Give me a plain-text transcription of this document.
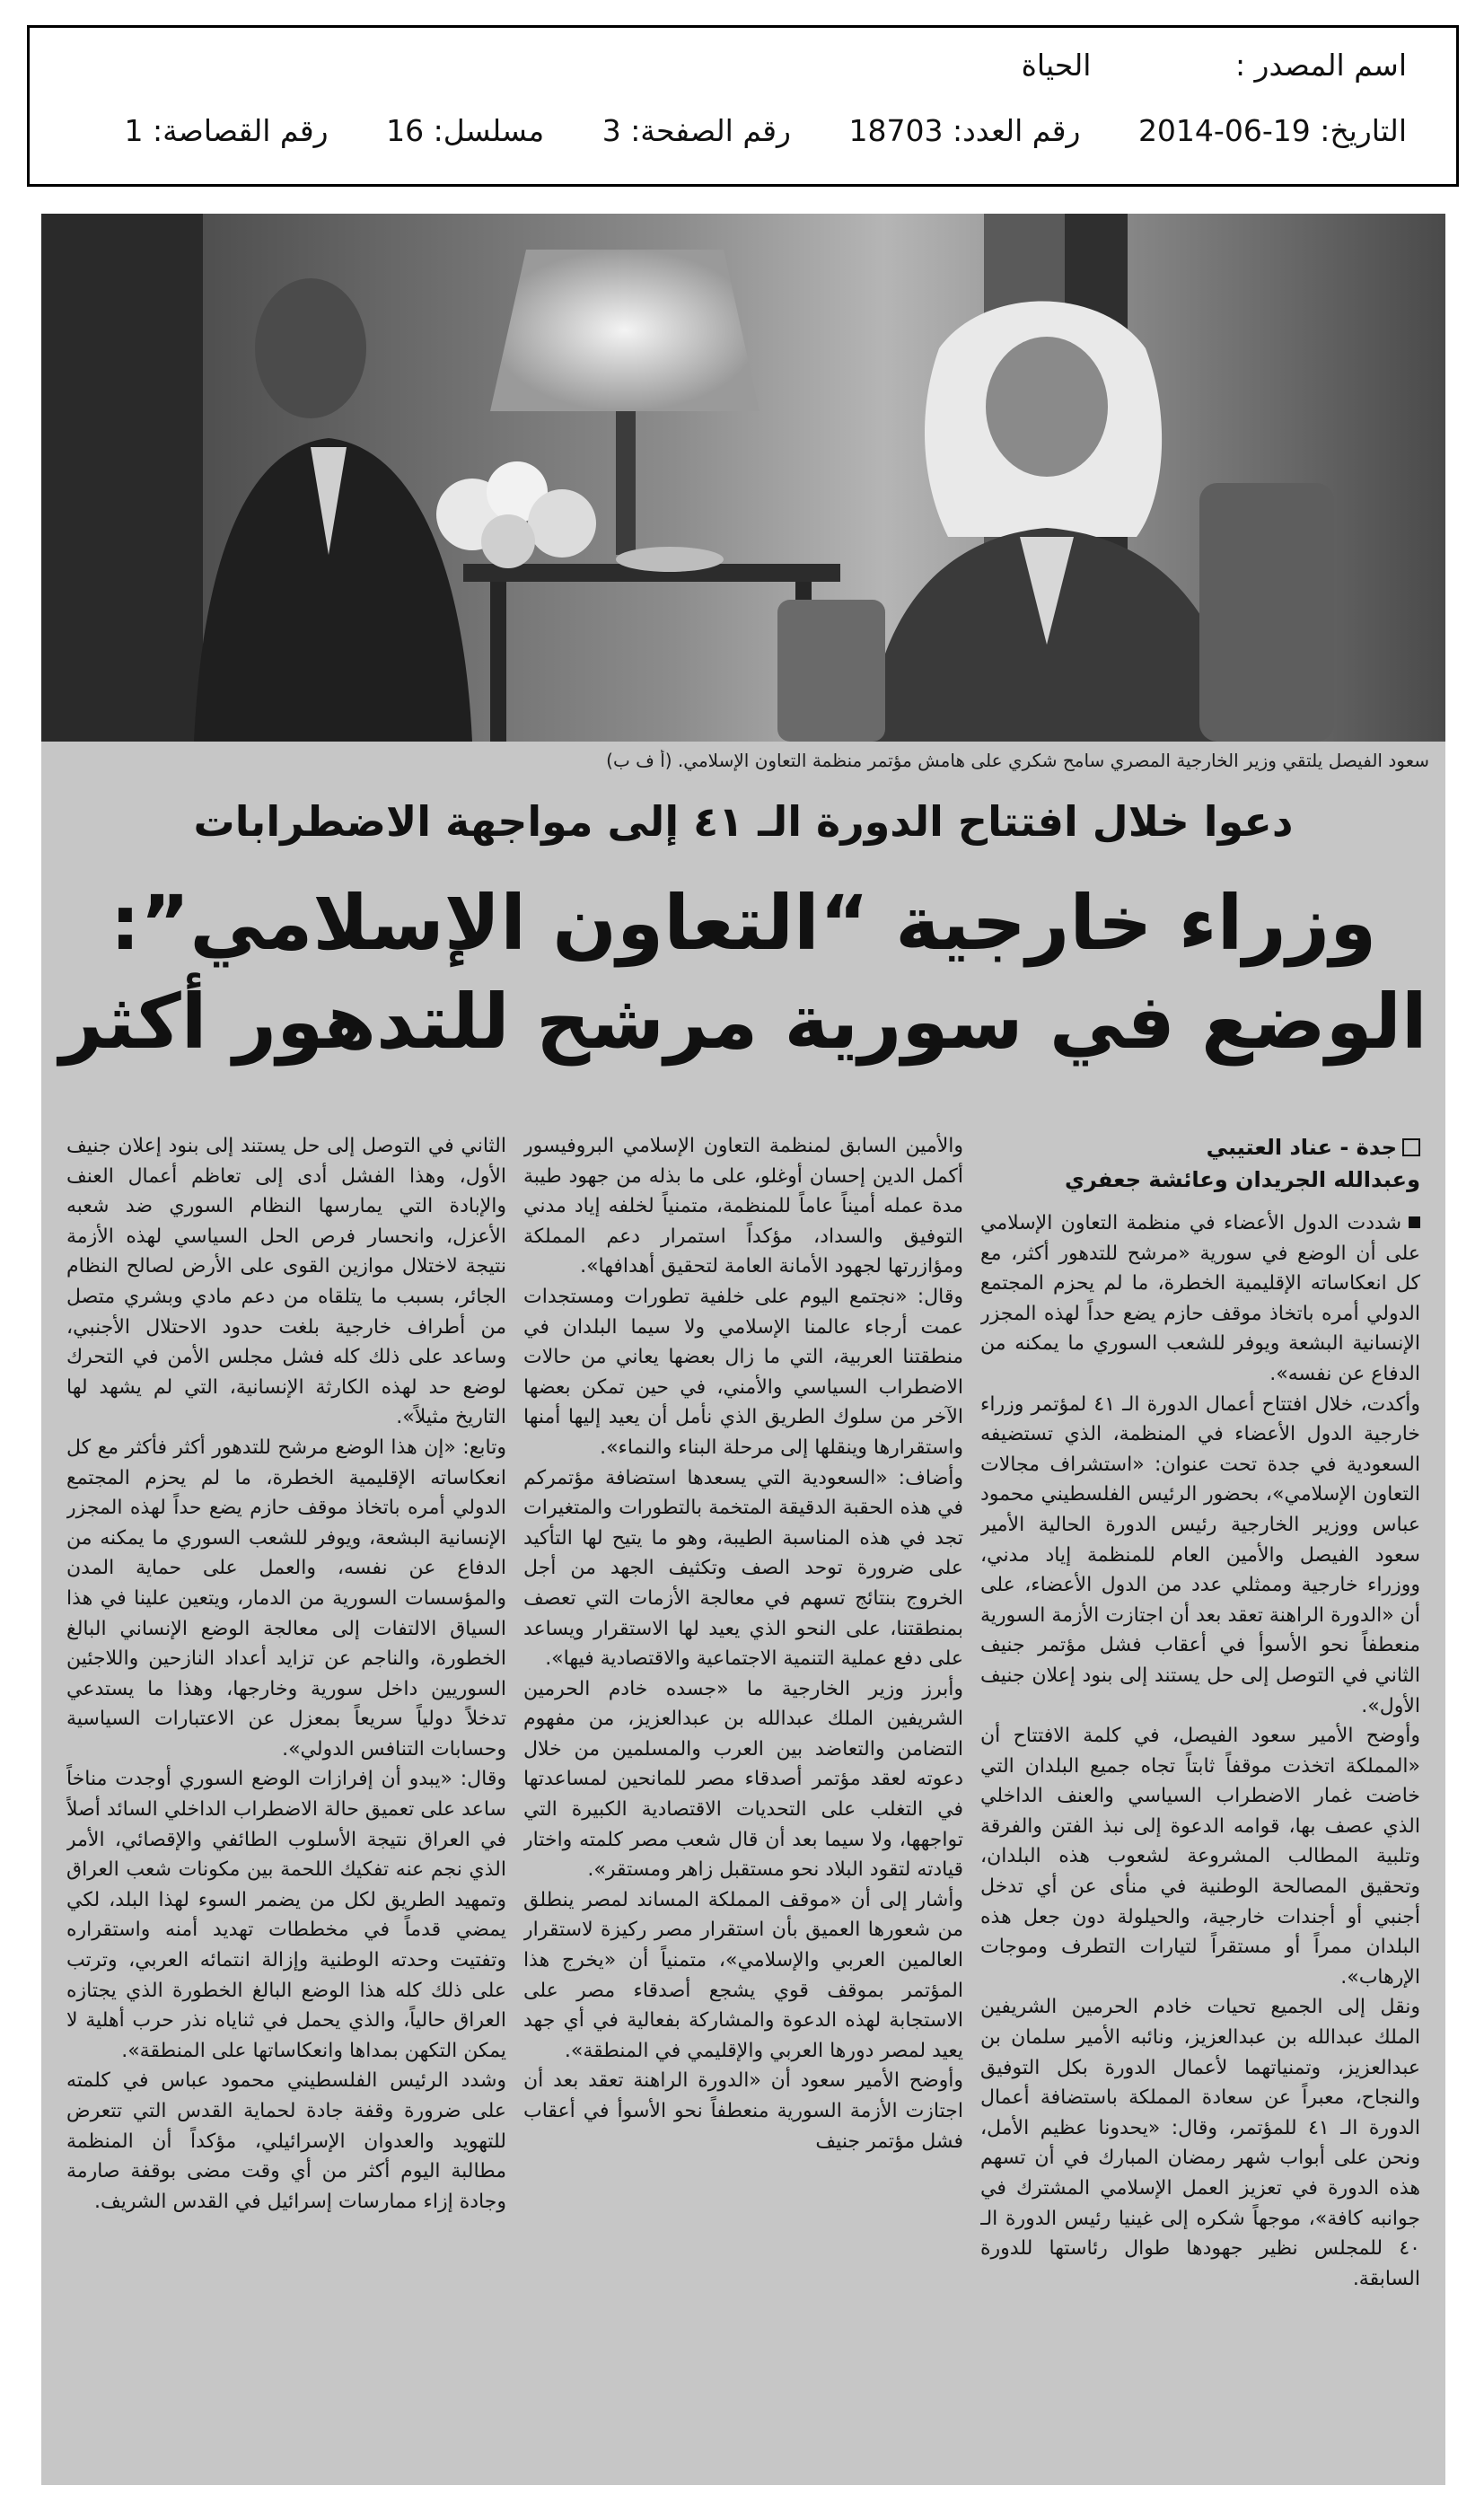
اسم المصدر : الحياة
التاريخ: 2014-06-19 رقم العدد: 18703 رقم الصفحة: 3 مسلسل: 16 رقم القصاصة: 1
سعود الفيصل يلتقي وزير الخارجية المصري سامح شكري على هامش مؤتمر منظمة التعاون الإسلامي. (أ ف ب)
دعوا خلال افتتاح الدورة الـ ٤١ إلى مواجهة الاضطرابات
وزراء خارجية “التعاون الإسلامي”:
الوضع في سورية مرشح للتدهور أكثر
جدة - عناد العتيبي
وعبدالله الجريدان وعائشة جعفري

شددت الدول الأعضاء في منظمة التعاون الإسلامي على أن الوضع في سورية «مرشح للتدهور أكثر، مع كل انعكاساته الإقليمية الخطرة، ما لم يحزم المجتمع الدولي أمره باتخاذ موقف حازم يضع حداً لهذه المجزر الإنسانية البشعة ويوفر للشعب السوري ما يمكنه من الدفاع عن نفسه».

وأكدت، خلال افتتاح أعمال الدورة الـ ٤١ لمؤتمر وزراء خارجية الدول الأعضاء في المنظمة، الذي تستضيفه السعودية في جدة تحت عنوان: «استشراف مجالات التعاون الإسلامي»، بحضور الرئيس الفلسطيني محمود عباس ووزير الخارجية رئيس الدورة الحالية الأمير سعود الفيصل والأمين العام للمنظمة إياد مدني، ووزراء خارجية وممثلي عدد من الدول الأعضاء، على أن «الدورة الراهنة تعقد بعد أن اجتازت الأزمة السورية منعطفاً نحو الأسوأ في أعقاب فشل مؤتمر جنيف الثاني في التوصل إلى حل يستند إلى بنود إعلان جنيف الأول».

وأوضح الأمير سعود الفيصل، في كلمة الافتتاح أن «المملكة اتخذت موقفاً ثابتاً تجاه جميع البلدان التي خاضت غمار الاضطراب السياسي والعنف الداخلي الذي عصف بها، قوامه الدعوة إلى نبذ الفتن والفرقة وتلبية المطالب المشروعة لشعوب هذه البلدان، وتحقيق المصالحة الوطنية في منأى عن أي تدخل أجنبي أو أجندات خارجية، والحيلولة دون جعل هذه البلدان ممراً أو مستقراً لتيارات التطرف وموجات الإرهاب».

ونقل إلى الجميع تحيات خادم الحرمين الشريفين الملك عبدالله بن عبدالعزيز، ونائبه الأمير سلمان بن عبدالعزيز، وتمنياتهما لأعمال الدورة بكل التوفيق والنجاح، معبراً عن سعادة المملكة باستضافة أعمال الدورة الـ ٤١ للمؤتمر، وقال: «يحدونا عظيم الأمل، ونحن على أبواب شهر رمضان المبارك في أن تسهم هذه الدورة في تعزيز العمل الإسلامي المشترك في جوانبه كافة»، موجهاً شكره إلى غينيا رئيس الدورة الـ ٤٠ للمجلس نظير جهودها طوال رئاستها للدورة السابقة.

والأمين السابق لمنظمة التعاون الإسلامي البروفيسور أكمل الدين إحسان أوغلو، على ما بذله من جهود طيبة مدة عمله أميناً عاماً للمنظمة، متمنياً لخلفه إياد مدني التوفيق والسداد، مؤكداً استمرار دعم المملكة ومؤازرتها لجهود الأمانة العامة لتحقيق أهدافها».

وقال: «نجتمع اليوم على خلفية تطورات ومستجدات عمت أرجاء عالمنا الإسلامي ولا سيما البلدان في منطقتنا العربية، التي ما زال بعضها يعاني من حالات الاضطراب السياسي والأمني، في حين تمكن بعضها الآخر من سلوك الطريق الذي نأمل أن يعيد إليها أمنها واستقرارها وينقلها إلى مرحلة البناء والنماء».

وأضاف: «السعودية التي يسعدها استضافة مؤتمركم في هذه الحقبة الدقيقة المتخمة بالتطورات والمتغيرات تجد في هذه المناسبة الطيبة، وهو ما يتيح لها التأكيد على ضرورة توحد الصف وتكثيف الجهد من أجل الخروج بنتائج تسهم في معالجة الأزمات التي تعصف بمنطقتنا، على النحو الذي يعيد لها الاستقرار ويساعد على دفع عملية التنمية الاجتماعية والاقتصادية فيها».

وأبرز وزير الخارجية ما «جسده خادم الحرمين الشريفين الملك عبدالله بن عبدالعزيز، من مفهوم التضامن والتعاضد بين العرب والمسلمين من خلال دعوته لعقد مؤتمر أصدقاء مصر للمانحين لمساعدتها في التغلب على التحديات الاقتصادية الكبيرة التي تواجهها، ولا سيما بعد أن قال شعب مصر كلمته واختار قيادته لتقود البلاد نحو مستقبل زاهر ومستقر».

وأشار إلى أن «موقف المملكة المساند لمصر ينطلق من شعورها العميق بأن استقرار مصر ركيزة لاستقرار العالمين العربي والإسلامي»، متمنياً أن «يخرج هذا المؤتمر بموقف قوي يشجع أصدقاء مصر على الاستجابة لهذه الدعوة والمشاركة بفعالية في أي جهد يعيد لمصر دورها العربي والإقليمي في المنطقة».

وأوضح الأمير سعود أن «الدورة الراهنة تعقد بعد أن اجتازت الأزمة السورية منعطفاً نحو الأسوأ في أعقاب فشل مؤتمر جنيف

الثاني في التوصل إلى حل يستند إلى بنود إعلان جنيف الأول، وهذا الفشل أدى إلى تعاظم أعمال العنف والإبادة التي يمارسها النظام السوري ضد شعبه الأعزل، وانحسار فرص الحل السياسي لهذه الأزمة نتيجة لاختلال موازين القوى على الأرض لصالح النظام الجائر، بسبب ما يتلقاه من دعم مادي وبشري متصل من أطراف خارجية بلغت حدود الاحتلال الأجنبي، وساعد على ذلك كله فشل مجلس الأمن في التحرك لوضع حد لهذه الكارثة الإنسانية، التي لم يشهد لها التاريخ مثيلاً».

وتابع: «إن هذا الوضع مرشح للتدهور أكثر فأكثر مع كل انعكاساته الإقليمية الخطرة، ما لم يحزم المجتمع الدولي أمره باتخاذ موقف حازم يضع حداً لهذه المجزر الإنسانية البشعة، ويوفر للشعب السوري ما يمكنه من الدفاع عن نفسه، والعمل على حماية المدن والمؤسسات السورية من الدمار، ويتعين علينا في هذا السياق الالتفات إلى معالجة الوضع الإنساني البالغ الخطورة، والناجم عن تزايد أعداد النازحين واللاجئين السوريين داخل سورية وخارجها، وهذا ما يستدعي تدخلاً دولياً سريعاً بمعزل عن الاعتبارات السياسية وحسابات التنافس الدولي».

وقال: «يبدو أن إفرازات الوضع السوري أوجدت مناخاً ساعد على تعميق حالة الاضطراب الداخلي السائد أصلاً في العراق نتيجة الأسلوب الطائفي والإقصائي، الأمر الذي نجم عنه تفكيك اللحمة بين مكونات شعب العراق وتمهيد الطريق لكل من يضمر السوء لهذا البلد، لكي يمضي قدماً في مخططات تهديد أمنه واستقراره وتفتيت وحدته الوطنية وإزالة انتمائه العربي، وترتب على ذلك كله هذا الوضع البالغ الخطورة الذي يجتازه العراق حالياً، والذي يحمل في ثناياه نذر حرب أهلية لا يمكن التكهن بمداها وانعكاساتها على المنطقة».

وشدد الرئيس الفلسطيني محمود عباس في كلمته على ضرورة وقفة جادة لحماية القدس التي تتعرض للتهويد والعدوان الإسرائيلي، مؤكداً أن المنظمة مطالبة اليوم أكثر من أي وقت مضى بوقفة صارمة وجادة إزاء ممارسات إسرائيل في القدس الشريف.
